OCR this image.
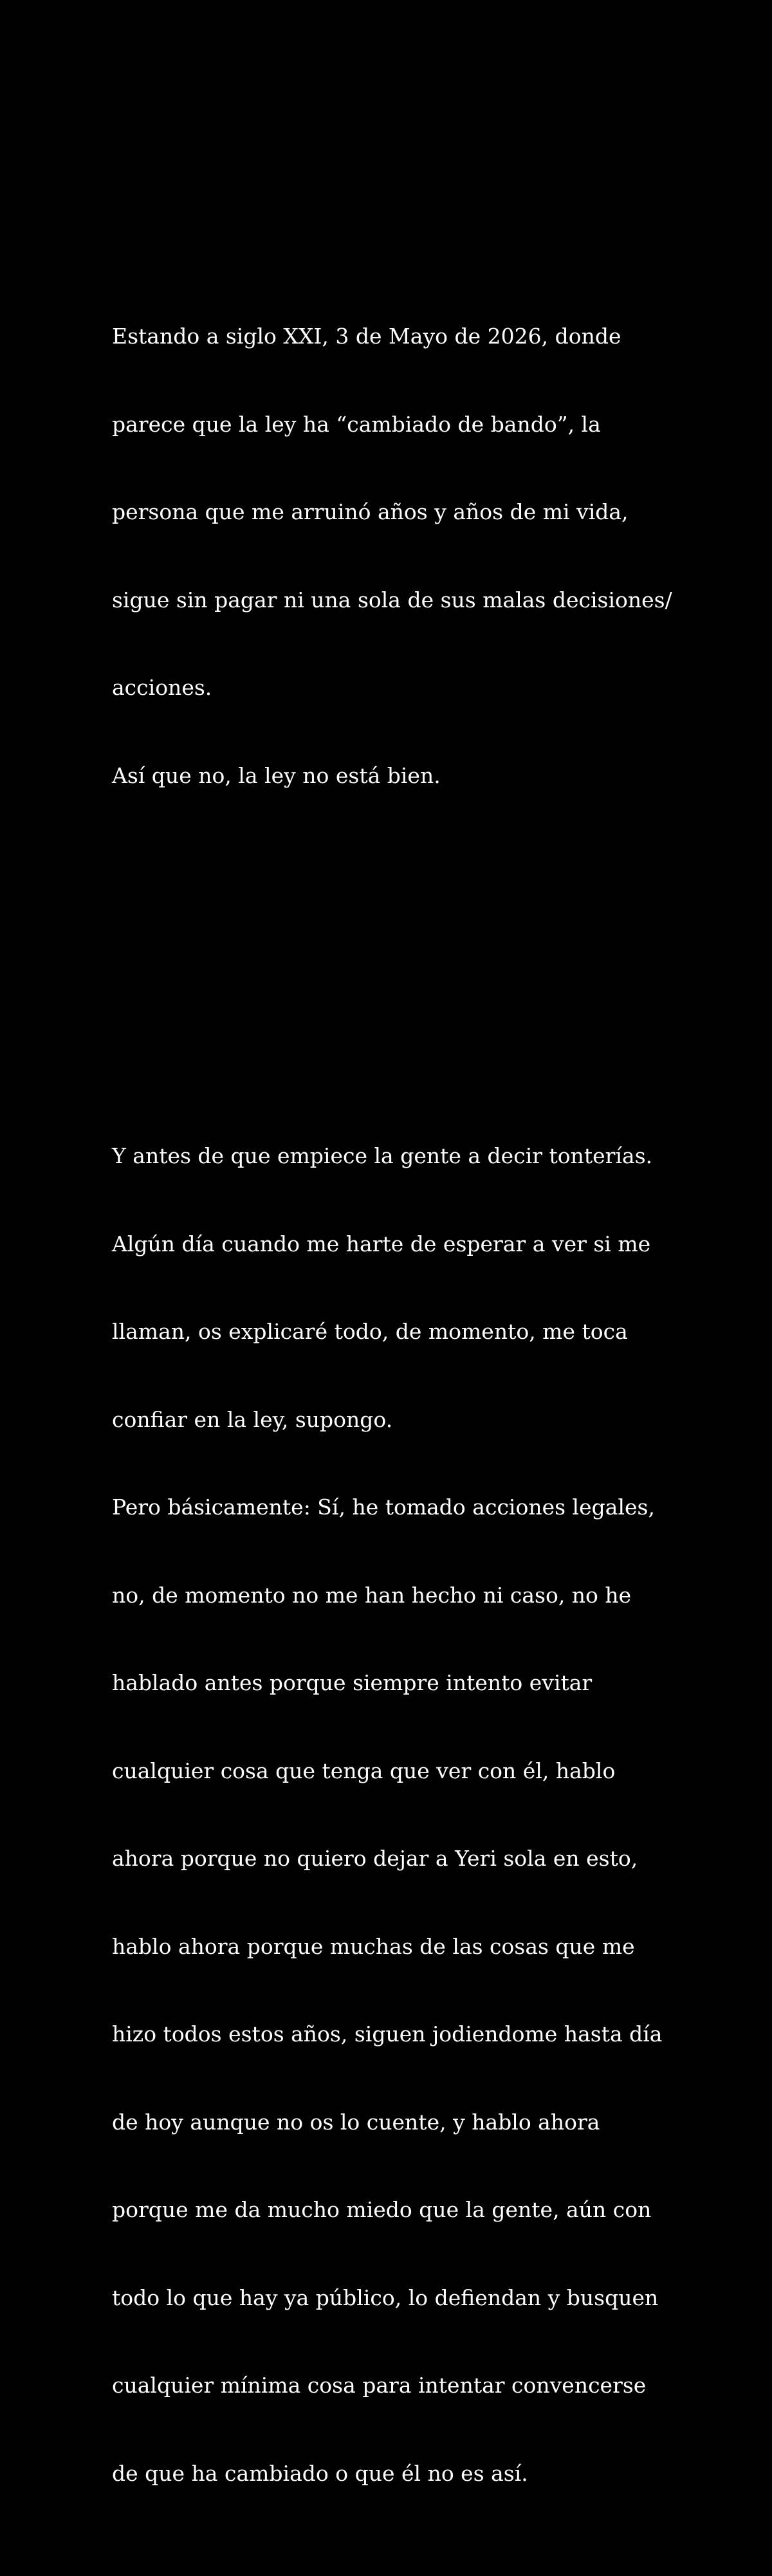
Estando a siglo XXI, 3 de Mayo de 2026, donde

parece que la ley ha “cambiado de bando”, la

persona que me arruinó años y años de mi vida,

sigue sin pagar ni una sola de sus malas decisiones/

acciones.

Así que no, la ley no está bien.

Y antes de que empiece la gente a decir tonterías.

Algún día cuando me harte de esperar a ver si me

llaman, os explicaré todo, de momento, me toca

confiar en la ley, supongo.

Pero básicamente: Sí, he tomado acciones legales,

no, de momento no me han hecho ni caso, no he

hablado antes porque siempre intento evitar

cualquier cosa que tenga que ver con él, hablo

ahora porque no quiero dejar a Yeri sola en esto,

hablo ahora porque muchas de las cosas que me

hizo todos estos años, siguen jodiendome hasta día

de hoy aunque no os lo cuente, y hablo ahora

porque me da mucho miedo que la gente, aún con

todo lo que hay ya público, lo defiendan y busquen

cualquier mínima cosa para intentar convencerse

de que ha cambiado o que él no es así.
